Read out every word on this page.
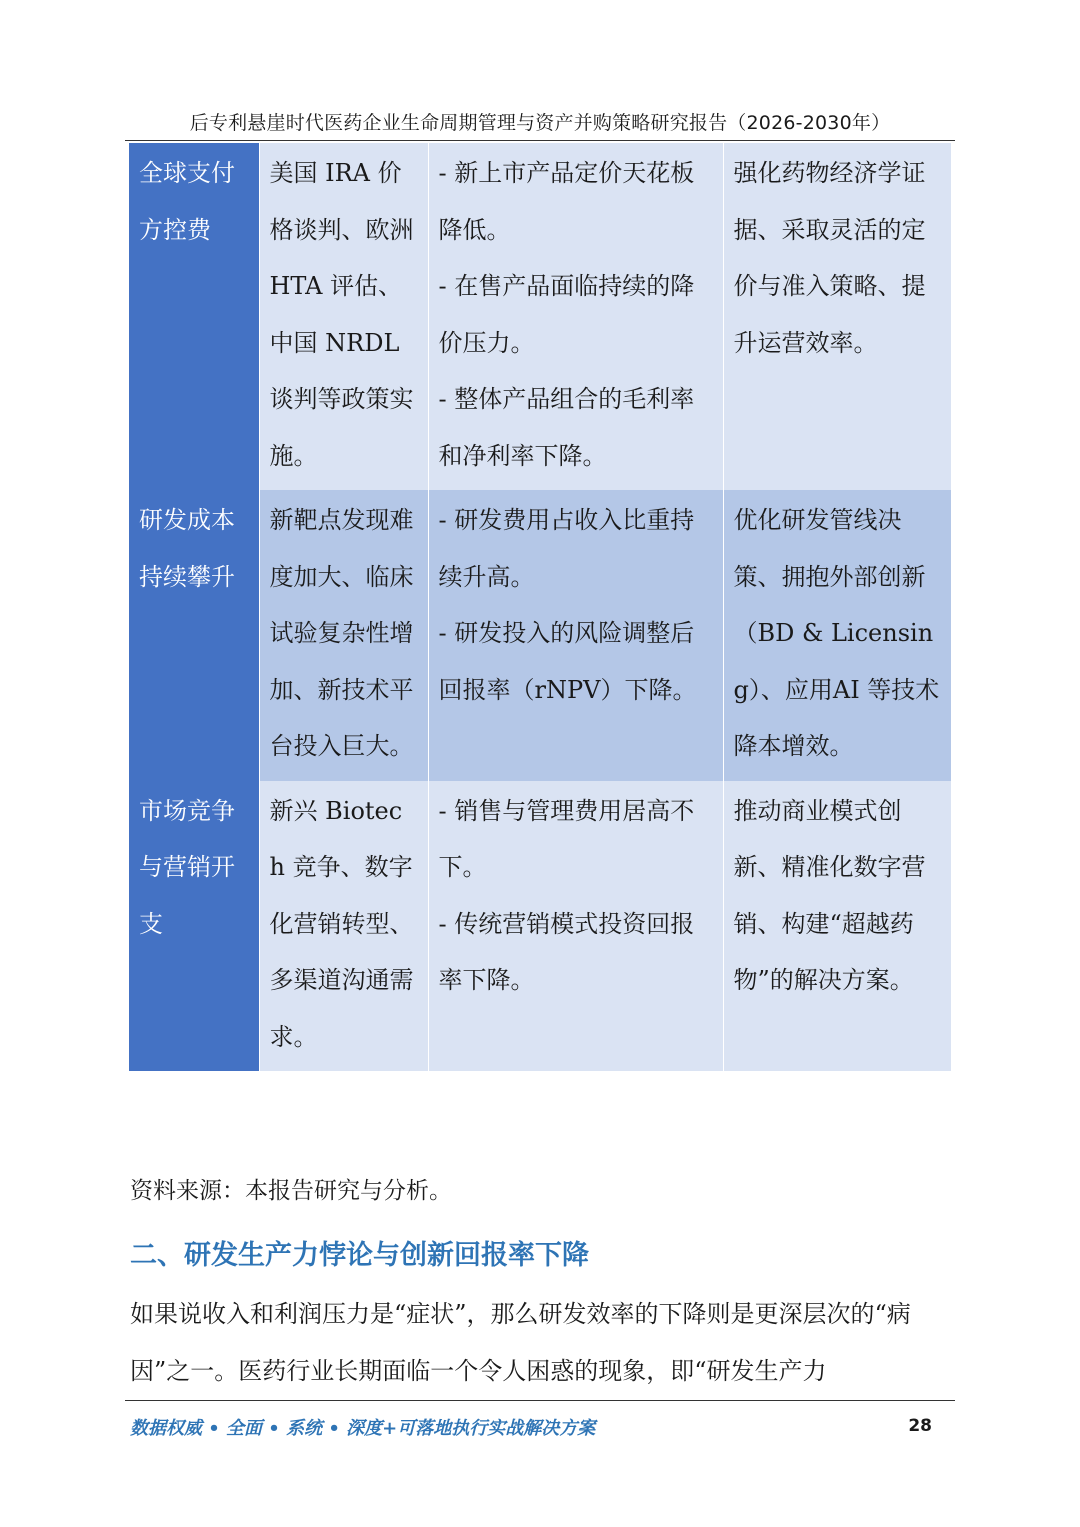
后专利悬崖时代医药企业生命周期管理与资产并购策略研究报告（2026-2030年）
全球支付方控费	美国 IRA 价格谈判、欧洲 HTA 评估、中国 NRDL 谈判等政策实施。	- 新上市产品定价天花板降低。
- 在售产品面临持续的降价压力。
- 整体产品组合的毛利率和净利率下降。	强化药物经济学证据、采取灵活的定价与准入策略、提升运营效率。
研发成本持续攀升	新靶点发现难度加大、临床试验复杂性增加、新技术平台投入巨大。	- 研发费用占收入比重持续升高。
- 研发投入的风险调整后回报率（rNPV）下降。	优化研发管线决策、拥抱外部创新（BD & Licensing）、应用AI 等技术降本增效。
市场竞争与营销开支	新兴 Biotech 竞争、数字化营销转型、多渠道沟通需求。	- 销售与管理费用居高不下。
- 传统营销模式投资回报率下降。	推动商业模式创新、精准化数字营销、构建“超越药物”的解决方案。
资料来源：本报告研究与分析。
二、研发生产力悖论与创新回报率下降
如果说收入和利润压力是“症状”，那么研发效率的下降则是更深层次的“病因”之一。医药行业长期面临一个令人困惑的现象，即“研发生产力
数据权威 • 全面 • 系统 • 深度+可落地执行实战解决方案	28
